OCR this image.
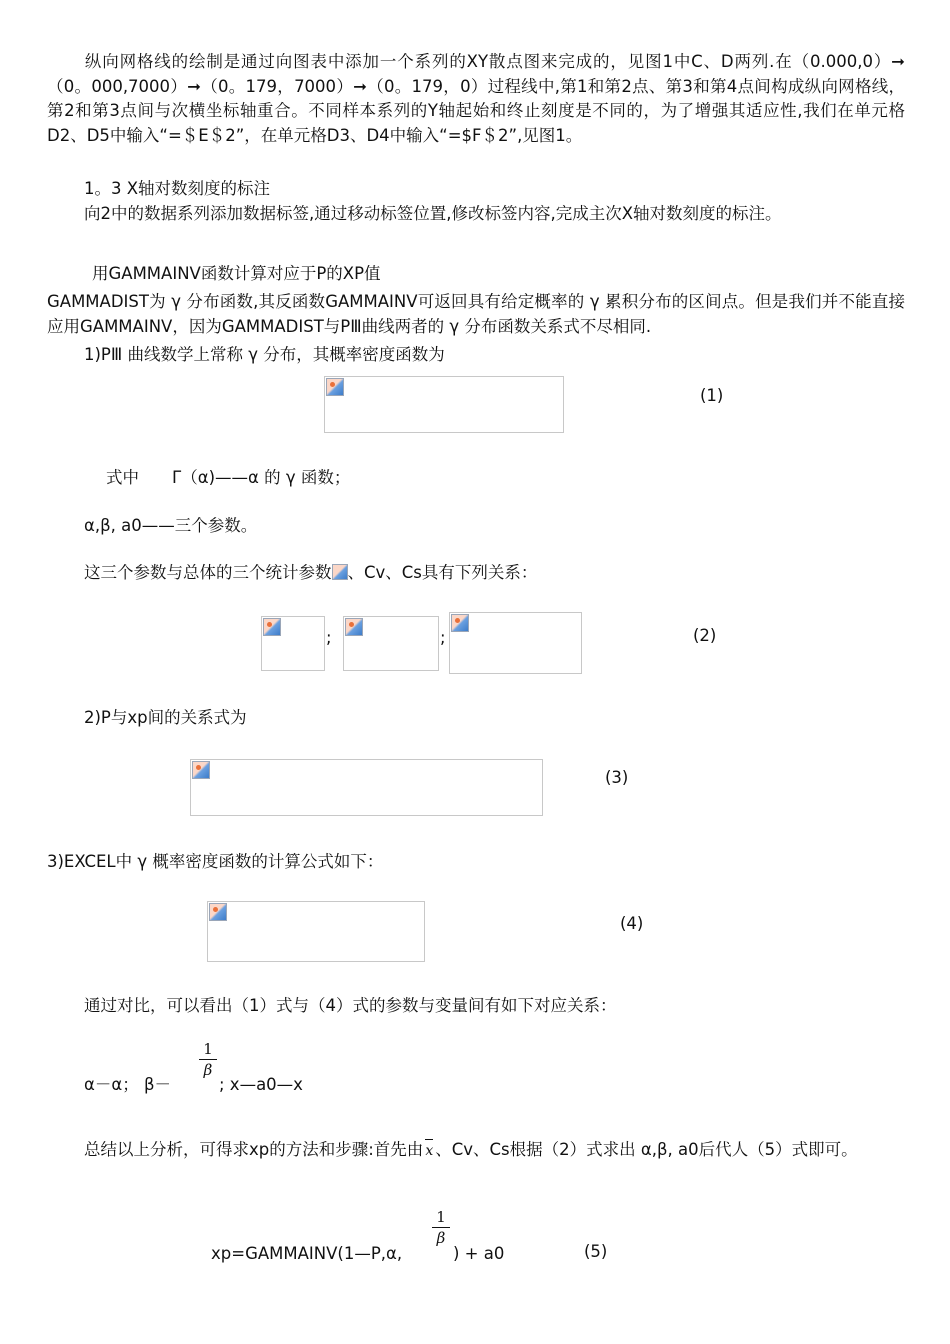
纵向网格线的绘制是通过向图表中添加一个系列的XY散点图来完成的，见图1中C、D两列.在（0.000,0）➞（0。000,7000）➞（0。179，7000）➞（0。179，0）过程线中,第1和第2点、第3和第4点间构成纵向网格线，第2和第3点间与次横坐标轴重合。不同样本系列的Y轴起始和终止刻度是不同的，为了增强其适应性,我们在单元格D2、D5中输入“=＄E＄2”，在单元格D3、D4中输入“=$F＄2”,见图1。
1。3 X轴对数刻度的标注
向2中的数据系列添加数据标签,通过移动标签位置,修改标签内容,完成主次X轴对数刻度的标注。
用GAMMAINV函数计算对应于P的XP值
GAMMADIST为 γ 分布函数,其反函数GAMMAINV可返回具有给定概率的 γ 累积分布的区间点。但是我们并不能直接应用GAMMAINV，因为GAMMADIST与PⅢ曲线两者的 γ 分布函数关系式不尽相同.
1)PⅢ 曲线数学上常称 γ 分布，其概率密度函数为
(1)
式中　　Γ（α)——α 的 γ 函数；
α,β, a0——三个参数。
这三个参数与总体的三个统计参数 、Cv、Cs具有下列关系：
;	;	(2)
2)P与xp间的关系式为
(3)
3)EXCEL中 γ 概率密度函数的计算公式如下：
(4)
通过对比，可以看出（1）式与（4）式的参数与变量间有如下对应关系：
α－α； β－
1
β
; x—a0—x
总结以上分析，可得求xp的方法和步骤:首先由 x 、Cv、Cs根据（2）式求出 α,β, a0后代人（5）式即可。
xp=GAMMAINV(1—P,α,
1
β
) + a0	(5)
